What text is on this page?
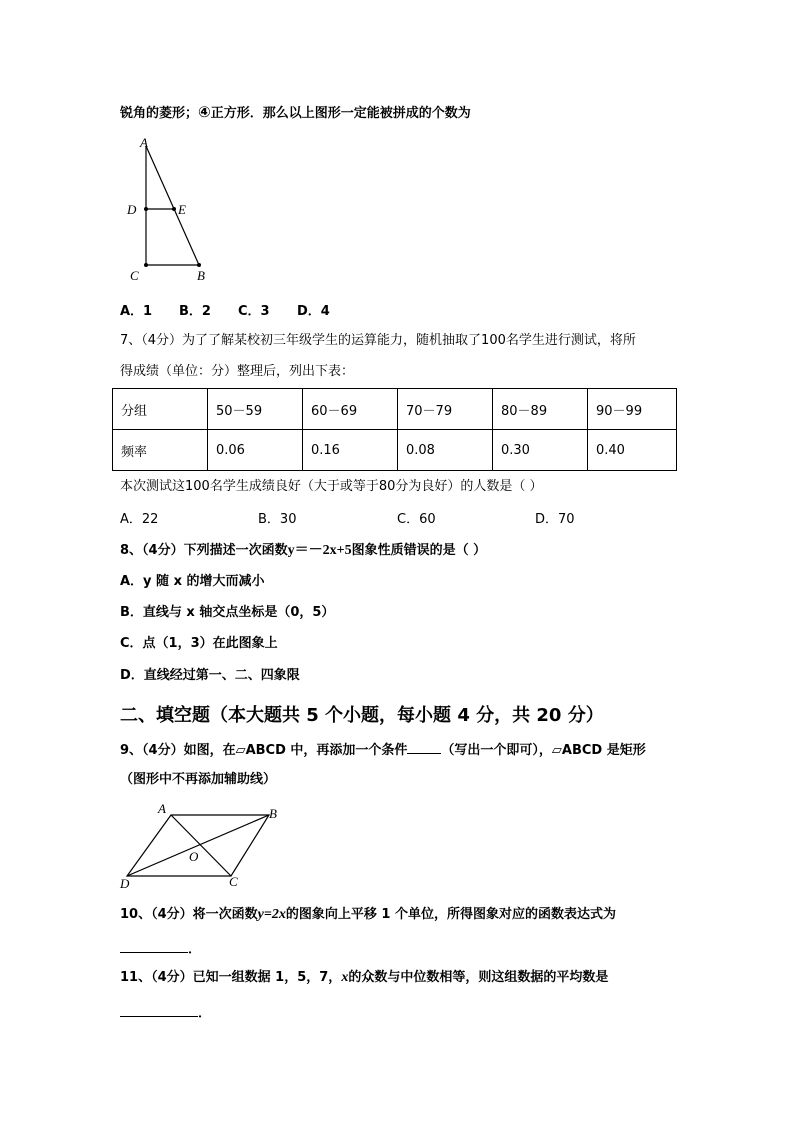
锐角的菱形；④正方形．那么以上图形一定能被拼成的个数为
A
D	E
C	B
A．1 B．2 C．3 D．4
7、（4分）为了了解某校初三年级学生的运算能力，随机抽取了100名学生进行测试，将所
得成绩（单位：分）整理后，列出下表：
分组	50－59	60－69	70－79	80－89	90－99
频率	0.06	0.16	0.08	0.30	0.40
本次测试这100名学生成绩良好（大于或等于80分为良好）的人数是（ ）
A．22	B．30	C．60	D．70
8、（4分）下列描述一次函数y＝－2x+5图象性质错误的是（ ）
A．y 随 x 的增大而减小
B．直线与 x 轴交点坐标是（0，5）
C．点（1，3）在此图象上
D．直线经过第一、二、四象限
二、填空题（本大题共 5 个小题，每小题 4 分，共 20 分）
9、（4分）如图，在▱ABCD 中，再添加一个条件	（写出一个即可），▱ABCD 是矩形
（图形中不再添加辅助线）
A	B
O
D	C
10、（4分）将一次函数y=2x的图象向上平移 1 个单位，所得图象对应的函数表达式为
．
11、（4分）已知一组数据 1，5，7，x的众数与中位数相等，则这组数据的平均数是
．
